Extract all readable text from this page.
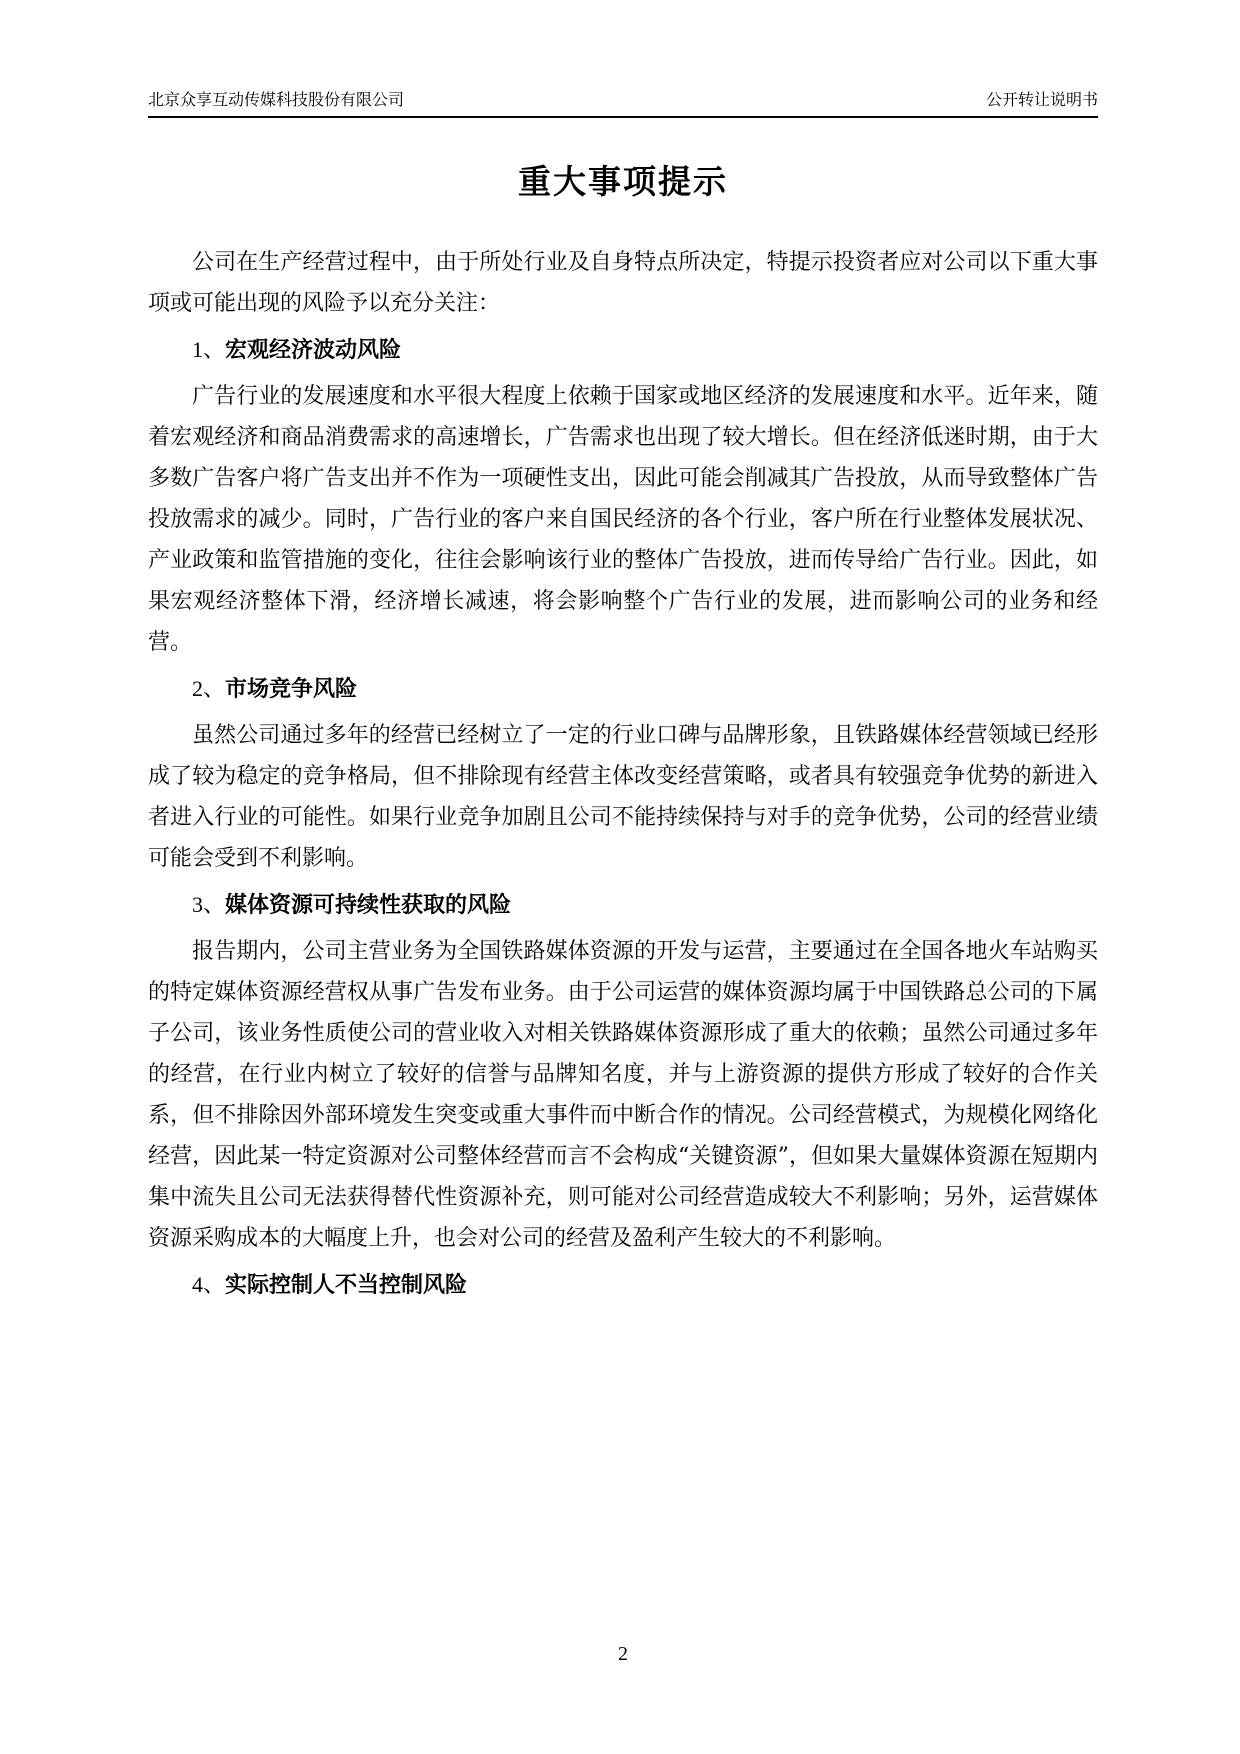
北京众享互动传媒科技股份有限公司	公开转让说明书
重大事项提示

公司在生产经营过程中，由于所处行业及自身特点所决定，特提示投资者应对公司以下重大事项或可能出现的风险予以充分关注：

1、宏观经济波动风险

广告行业的发展速度和水平很大程度上依赖于国家或地区经济的发展速度和水平。近年来，随着宏观经济和商品消费需求的高速增长，广告需求也出现了较大增长。但在经济低迷时期，由于大多数广告客户将广告支出并不作为一项硬性支出，因此可能会削减其广告投放，从而导致整体广告投放需求的减少。同时，广告行业的客户来自国民经济的各个行业，客户所在行业整体发展状况、产业政策和监管措施的变化，往往会影响该行业的整体广告投放，进而传导给广告行业。因此，如果宏观经济整体下滑，经济增长减速，将会影响整个广告行业的发展，进而影响公司的业务和经营。

2、市场竞争风险

虽然公司通过多年的经营已经树立了一定的行业口碑与品牌形象，且铁路媒体经营领域已经形成了较为稳定的竞争格局，但不排除现有经营主体改变经营策略，或者具有较强竞争优势的新进入者进入行业的可能性。如果行业竞争加剧且公司不能持续保持与对手的竞争优势，公司的经营业绩可能会受到不利影响。

3、媒体资源可持续性获取的风险

报告期内，公司主营业务为全国铁路媒体资源的开发与运营，主要通过在全国各地火车站购买的特定媒体资源经营权从事广告发布业务。由于公司运营的媒体资源均属于中国铁路总公司的下属子公司，该业务性质使公司的营业收入对相关铁路媒体资源形成了重大的依赖；虽然公司通过多年的经营，在行业内树立了较好的信誉与品牌知名度，并与上游资源的提供方形成了较好的合作关系，但不排除因外部环境发生突变或重大事件而中断合作的情况。公司经营模式，为规模化网络化经营，因此某一特定资源对公司整体经营而言不会构成“关键资源”，但如果大量媒体资源在短期内集中流失且公司无法获得替代性资源补充，则可能对公司经营造成较大不利影响；另外，运营媒体资源采购成本的大幅度上升，也会对公司的经营及盈利产生较大的不利影响。

4、实际控制人不当控制风险
2
